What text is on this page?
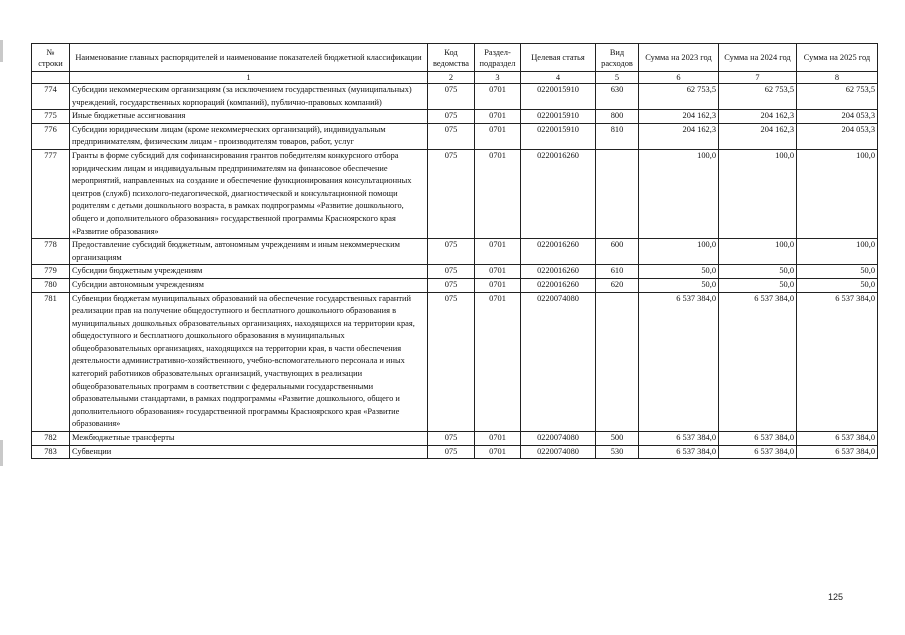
№ строки	Наименование главных распорядителей и наименование показателей бюджетной классификации	Код ведомства	Раздел-подраздел	Целевая статья	Вид расходов	Сумма на 2023 год	Сумма на 2024 год	Сумма на 2025 год
	1	2	3	4	5	6	7	8
774	Субсидии некоммерческим организациям (за исключением государственных (муниципальных) учреждений, государственных корпораций (компаний), публично-правовых компаний)	075	0701	0220015910	630	62 753,5	62 753,5	62 753,5
775	Иные бюджетные ассигнования	075	0701	0220015910	800	204 162,3	204 162,3	204 053,3
776	Субсидии юридическим лицам (кроме некоммерческих организаций), индивидуальным предпринимателям, физическим лицам - производителям товаров, работ, услуг	075	0701	0220015910	810	204 162,3	204 162,3	204 053,3
777	Гранты в форме субсидий для софинансирования грантов победителям конкурсного отбора юридическим лицам и индивидуальным предпринимателям на финансовое обеспечение мероприятий, направленных на создание и обеспечение функционирования консультационных центров (служб) психолого-педагогической, диагностической и консультационной помощи родителям с детьми дошкольного возраста, в рамках подпрограммы «Развитие дошкольного, общего и дополнительного образования» государственной программы Красноярского края «Развитие образования»	075	0701	0220016260		100,0	100,0	100,0
778	Предоставление субсидий бюджетным, автономным учреждениям и иным некоммерческим организациям	075	0701	0220016260	600	100,0	100,0	100,0
779	Субсидии бюджетным учреждениям	075	0701	0220016260	610	50,0	50,0	50,0
780	Субсидии автономным учреждениям	075	0701	0220016260	620	50,0	50,0	50,0
781	Субвенции бюджетам муниципальных образований на обеспечение государственных гарантий реализации прав на получение общедоступного и бесплатного дошкольного образования в муниципальных дошкольных образовательных организациях, находящихся на территории края, общедоступного и бесплатного дошкольного образования в муниципальных общеобразовательных организациях, находящихся на территории края, в части обеспечения деятельности административно-хозяйственного, учебно-вспомогательного персонала и иных категорий работников образовательных организаций, участвующих в реализации общеобразовательных программ в соответствии с федеральными государственными образовательными стандартами, в рамках подпрограммы «Развитие дошкольного, общего и дополнительного образования» государственной программы Красноярского края «Развитие образования»	075	0701	0220074080		6 537 384,0	6 537 384,0	6 537 384,0
782	Межбюджетные трансферты	075	0701	0220074080	500	6 537 384,0	6 537 384,0	6 537 384,0
783	Субвенции	075	0701	0220074080	530	6 537 384,0	6 537 384,0	6 537 384,0
125
